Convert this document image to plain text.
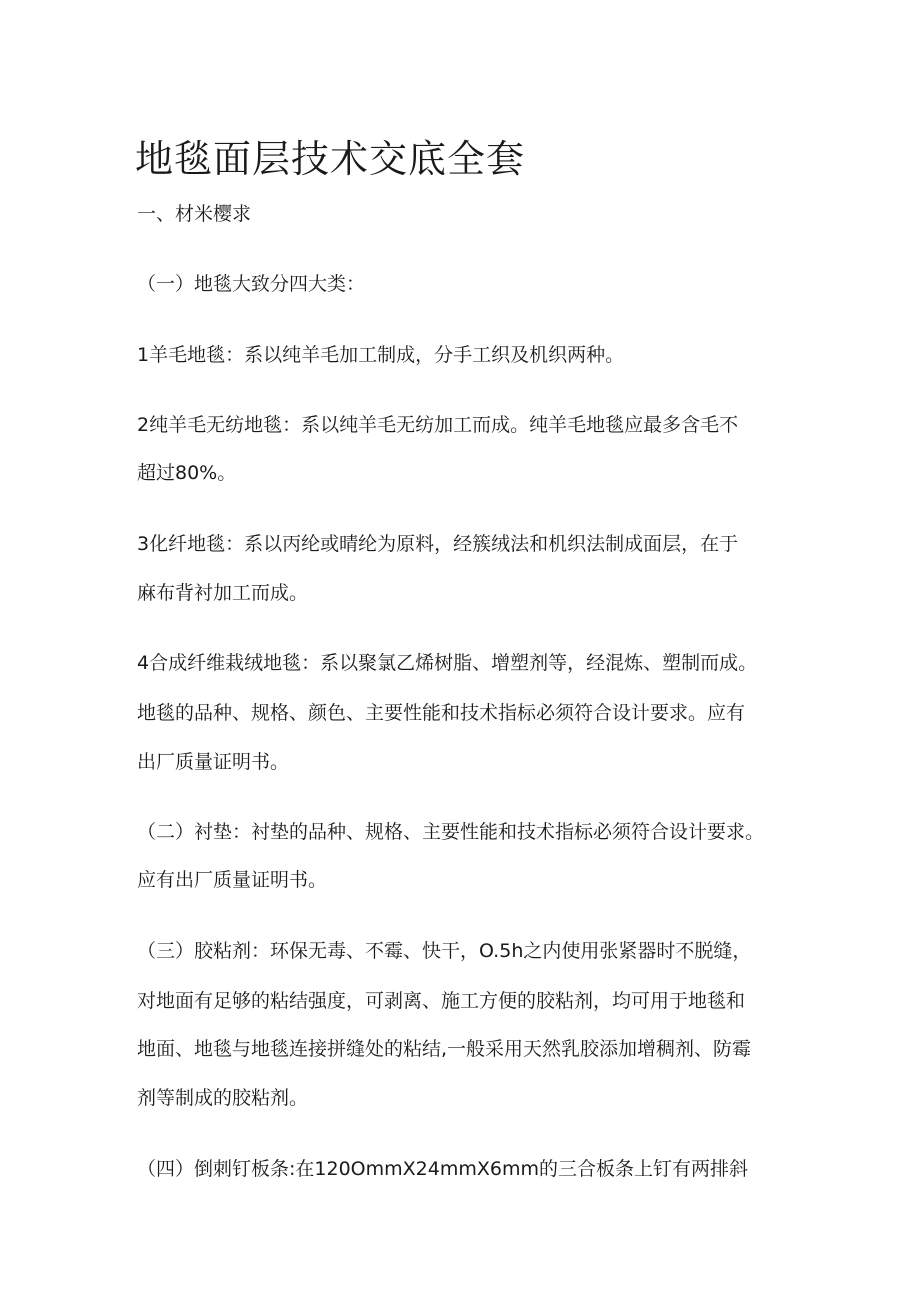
地毯面层技术交底全套

一、材米樱求

（一）地毯大致分四大类：

1羊毛地毯：系以纯羊毛加工制成，分手工织及机织两种。

2纯羊毛无纺地毯：系以纯羊毛无纺加工而成。纯羊毛地毯应最多含毛不

超过80%。

3化纤地毯：系以丙纶或晴纶为原料，经簇绒法和机织法制成面层，在于

麻布背衬加工而成。

4合成纤维栽绒地毯：系以聚氯乙烯树脂、增塑剂等，经混炼、塑制而成。

地毯的品种、规格、颜色、主要性能和技术指标必须符合设计要求。应有

出厂质量证明书。

（二）衬垫：衬垫的品种、规格、主要性能和技术指标必须符合设计要求。

应有出厂质量证明书。

（三）胶粘剂：环保无毒、不霉、快干，O.5h之内使用张紧器时不脱缝，

对地面有足够的粘结强度，可剥离、施工方便的胶粘剂，均可用于地毯和

地面、地毯与地毯连接拼缝处的粘结,一般采用天然乳胶添加增稠剂、防霉

剂等制成的胶粘剂。

（四）倒刺钉板条:在120OmmX24mmX6mm的三合板条上钉有两排斜
